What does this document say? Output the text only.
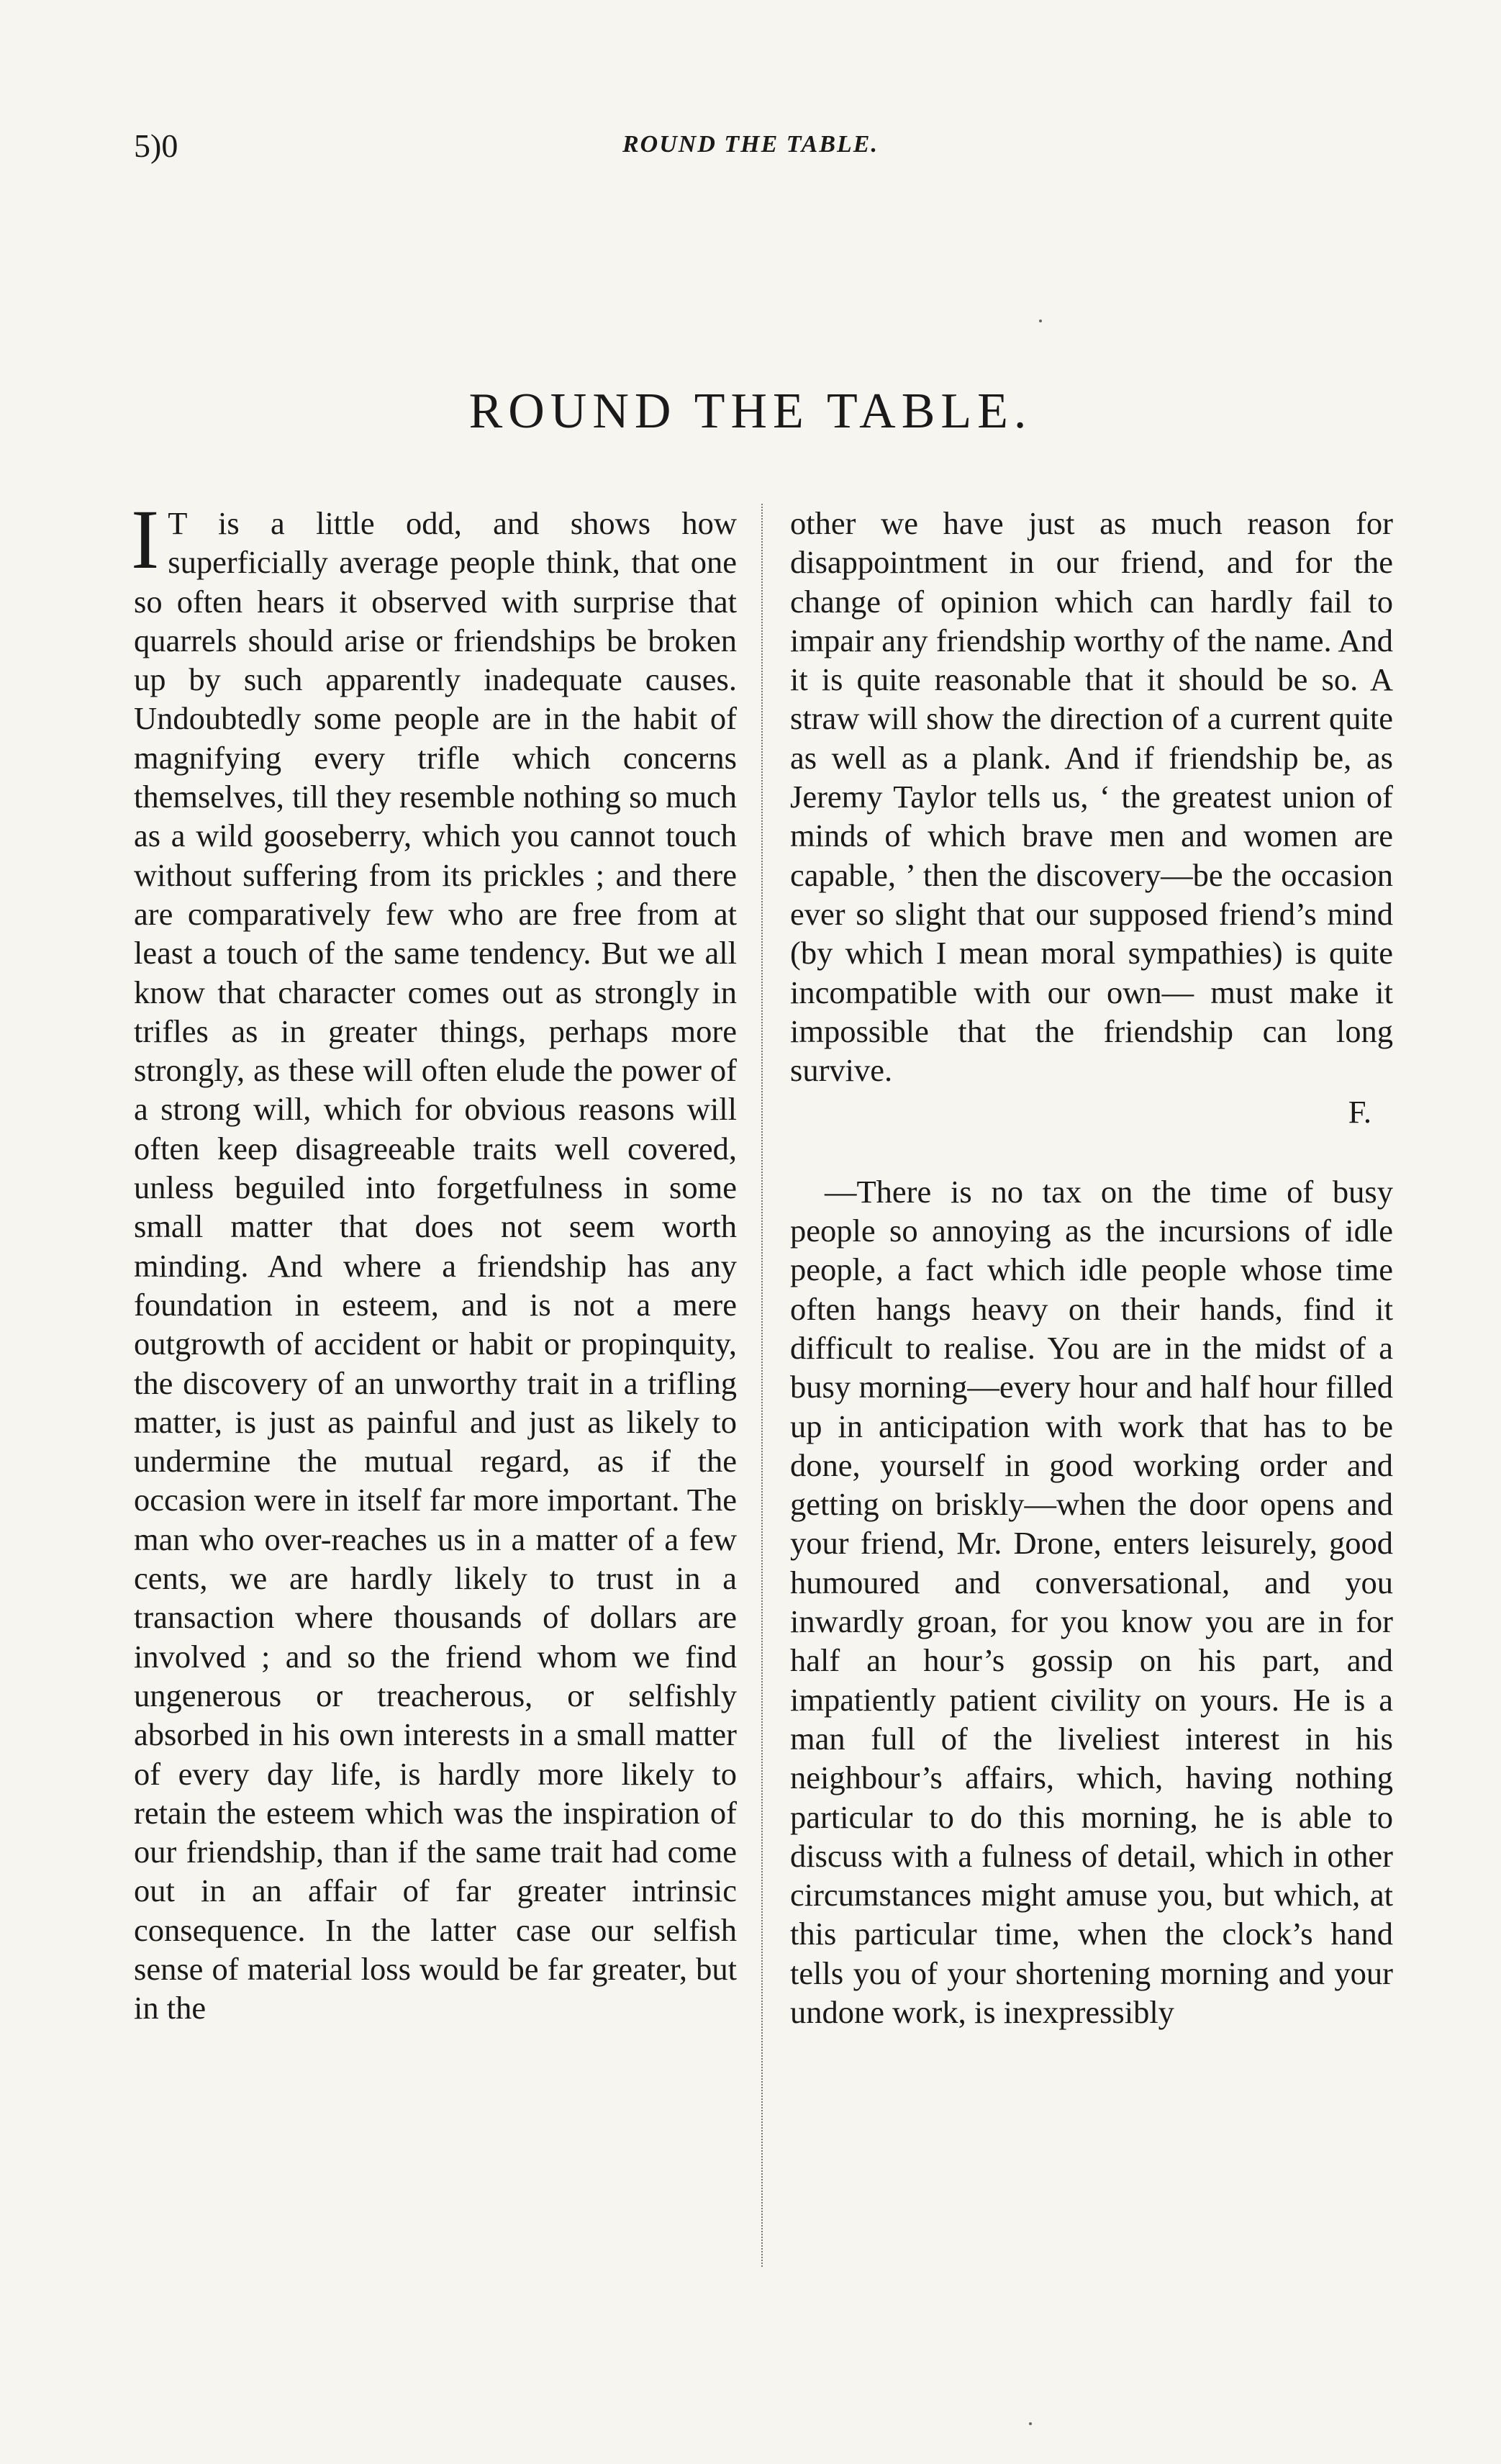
5)0	ROUND THE TABLE.
ROUND THE TABLE.

I T is a little odd, and shows how superficially average people think, that one so often hears it observed with surprise that quarrels should arise or friendships be broken up by such apparently inadequate causes. Undoubtedly some people are in the habit of magnifying every trifle which concerns themselves, till they resemble nothing so much as a wild gooseberry, which you cannot touch without suffering from its prickles ; and there are comparatively few who are free from at least a touch of the same tendency. But we all know that character comes out as strongly in trifles as in greater things, perhaps more strongly, as these will often elude the power of a strong will, which for obvious reasons will often keep disagreeable traits well covered, unless beguiled into forgetfulness in some small matter that does not seem worth minding. And where a friendship has any foundation in esteem, and is not a mere outgrowth of accident or habit or propinquity, the discovery of an unworthy trait in a trifling matter, is just as painful and just as likely to undermine the mutual regard, as if the occasion were in itself far more important. The man who over-reaches us in a matter of a few cents, we are hardly likely to trust in a transaction where thousands of dollars are involved ; and so the friend whom we find ungenerous or treacherous, or selfishly absorbed in his own interests in a small matter of every day life, is hardly more likely to retain the esteem which was the inspiration of our friendship, than if the same trait had come out in an affair of far greater intrinsic consequence. In the latter case our selfish sense of material loss would be far greater, but in the

other we have just as much reason for disappointment in our friend, and for the change of opinion which can hardly fail to impair any friendship worthy of the name. And it is quite reasonable that it should be so. A straw will show the direction of a current quite as well as a plank. And if friendship be, as Jeremy Taylor tells us, ‘ the greatest union of minds of which brave men and women are capable, ’ then the discovery—be the occasion ever so slight that our supposed friend’s mind (by which I mean moral sympathies) is quite incompatible with our own— must make it impossible that the friendship can long survive.

F.

—There is no tax on the time of busy people so annoying as the incursions of idle people, a fact which idle people whose time often hangs heavy on their hands, find it difficult to realise. You are in the midst of a busy morning—every hour and half hour filled up in anticipation with work that has to be done, yourself in good working order and getting on briskly—when the door opens and your friend, Mr. Drone, enters leisurely, good humoured and conversational, and you inwardly groan, for you know you are in for half an hour’s gossip on his part, and impatiently patient civility on yours. He is a man full of the liveliest interest in his neighbour’s affairs, which, having nothing particular to do this morning, he is able to discuss with a fulness of detail, which in other circumstances might amuse you, but which, at this particular time, when the clock’s hand tells you of your shortening morning and your undone work, is inexpressibly
